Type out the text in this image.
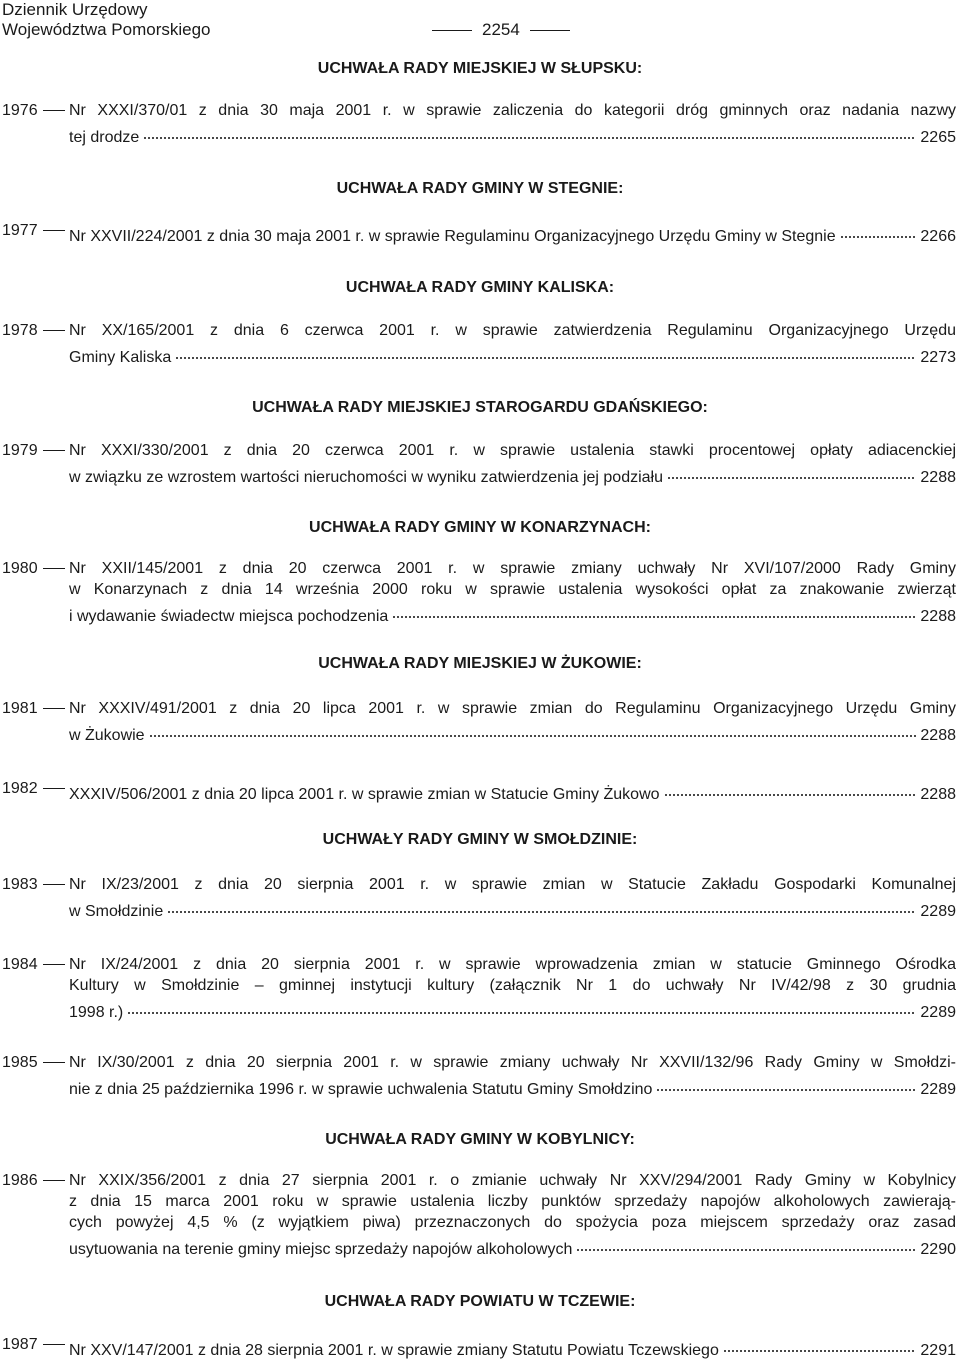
Dziennik Urzędowy
Województwa Pomorskiego	2254
UCHWAŁA RADY MIEJSKIEJ W SŁUPSKU:
1976 Nr XXXI/370/01 z dnia 30 maja 2001 r. w sprawie zaliczenia do kategorii dróg gminnych oraz nadania nazwy
tej drodze	2265
UCHWAŁA RADY GMINY W STEGNIE:
1977 Nr XXVII/224/2001 z dnia 30 maja 2001 r. w sprawie Regulaminu Organizacyjnego Urzędu Gminy w Stegnie	2266
UCHWAŁA RADY GMINY KALISKA:
1978 Nr XX/165/2001 z dnia 6 czerwca 2001 r. w sprawie zatwierdzenia Regulaminu Organizacyjnego Urzędu
Gminy Kaliska	2273
UCHWAŁA RADY MIEJSKIEJ STAROGARDU GDAŃSKIEGO:
1979 Nr XXXI/330/2001 z dnia 20 czerwca 2001 r. w sprawie ustalenia stawki procentowej opłaty adiacenckiej
w związku ze wzrostem wartości nieruchomości w wyniku zatwierdzenia jej podziału	2288
UCHWAŁA RADY GMINY W KONARZYNACH:
1980 Nr XXII/145/2001 z dnia 20 czerwca 2001 r. w sprawie zmiany uchwały Nr XVI/107/2000 Rady Gminy
w Konarzynach z dnia 14 września 2000 roku w sprawie ustalenia wysokości opłat za znakowanie zwierząt
i wydawanie świadectw miejsca pochodzenia	2288
UCHWAŁA RADY MIEJSKIEJ W ŻUKOWIE:
1981 Nr XXXIV/491/2001 z dnia 20 lipca 2001 r. w sprawie zmian do Regulaminu Organizacyjnego Urzędu Gminy
w Żukowie	2288
1982 XXXIV/506/2001 z dnia 20 lipca 2001 r. w sprawie zmian w Statucie Gminy Żukowo	2288
UCHWAŁY RADY GMINY W SMOŁDZINIE:
1983 Nr IX/23/2001 z dnia 20 sierpnia 2001 r. w sprawie zmian w Statucie Zakładu Gospodarki Komunalnej
w Smołdzinie	2289
1984 Nr IX/24/2001 z dnia 20 sierpnia 2001 r. w sprawie wprowadzenia zmian w statucie Gminnego Ośrodka
Kultury w Smołdzinie – gminnej instytucji kultury (załącznik Nr 1 do uchwały Nr IV/42/98 z 30 grudnia
1998 r.)	2289
1985 Nr IX/30/2001 z dnia 20 sierpnia 2001 r. w sprawie zmiany uchwały Nr XXVII/132/96 Rady Gminy w Smołdzi-
nie z dnia 25 października 1996 r. w sprawie uchwalenia Statutu Gminy Smołdzino	2289
UCHWAŁA RADY GMINY W KOBYLNICY:
1986 Nr XXIX/356/2001 z dnia 27 sierpnia 2001 r. o zmianie uchwały Nr XXV/294/2001 Rady Gminy w Kobylnicy
z dnia 15 marca 2001 roku w sprawie ustalenia liczby punktów sprzedaży napojów alkoholowych zawierają-
cych powyżej 4,5 % (z wyjątkiem piwa) przeznaczonych do spożycia poza miejscem sprzedaży oraz zasad
usytuowania na terenie gminy miejsc sprzedaży napojów alkoholowych	2290
UCHWAŁA RADY POWIATU W TCZEWIE:
1987 Nr XXV/147/2001 z dnia 28 sierpnia 2001 r. w sprawie zmiany Statutu Powiatu Tczewskiego	2291
